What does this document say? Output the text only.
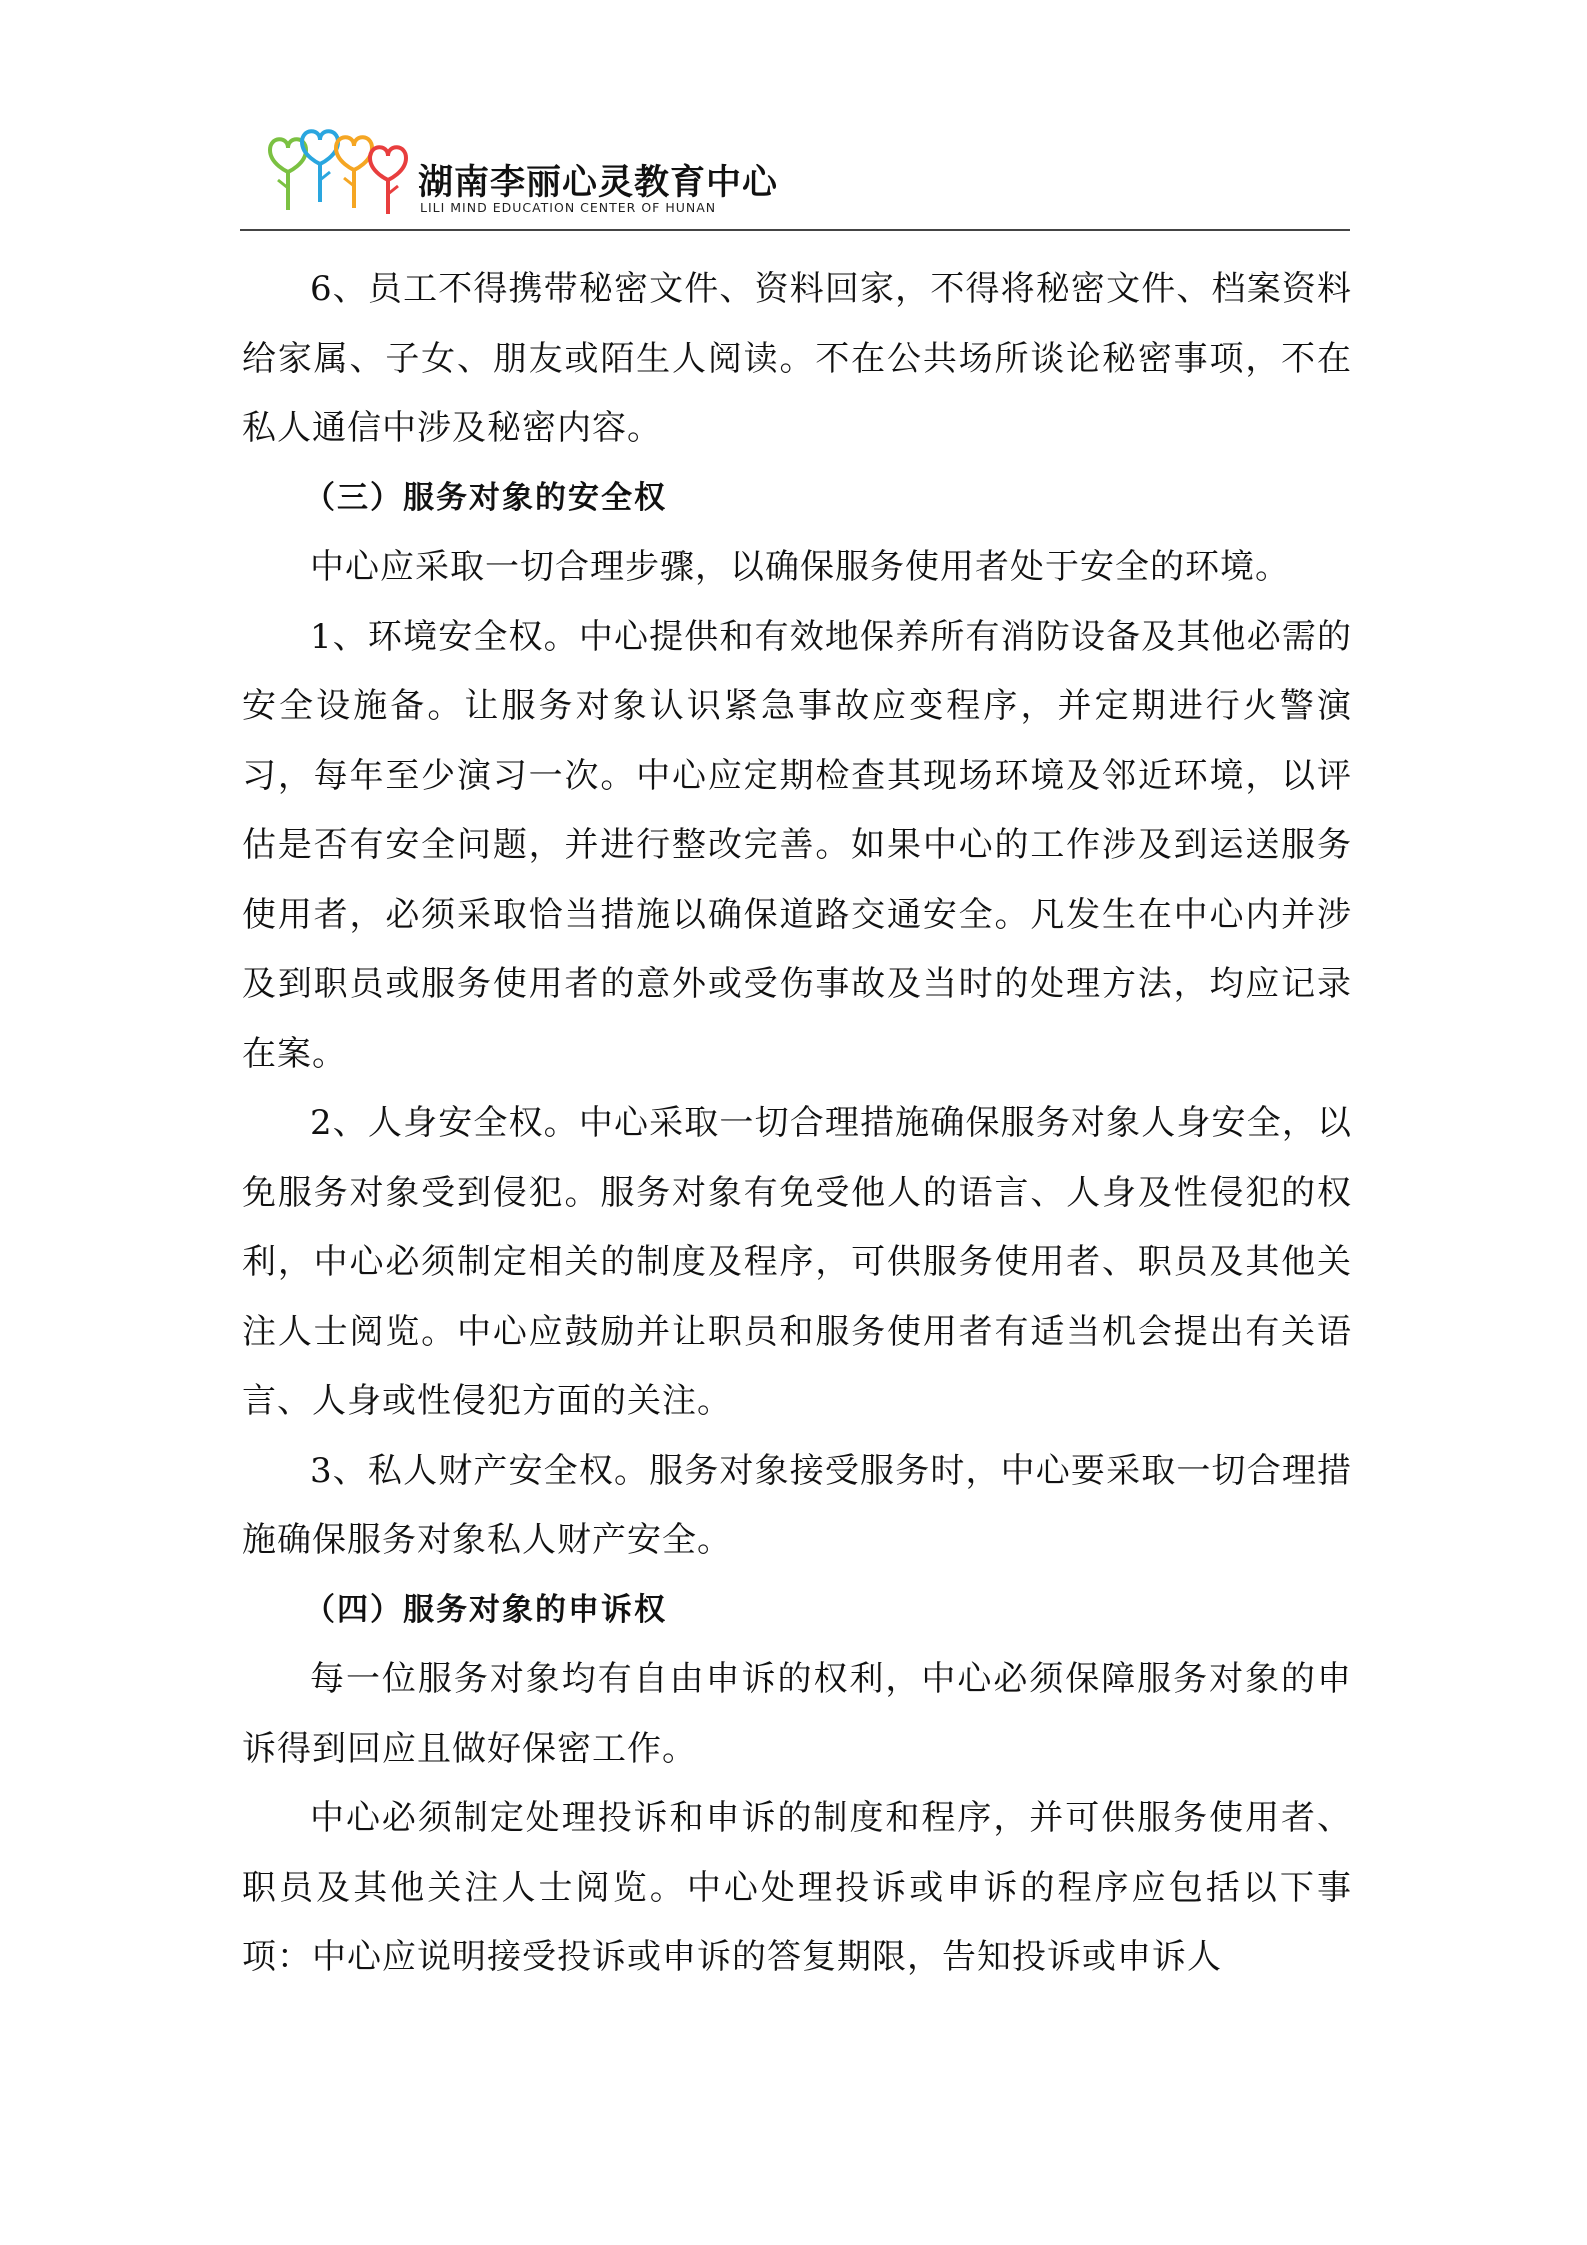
湖南李丽心灵教育中心
LILI MIND EDUCATION CENTER OF HUNAN

6、员工不得携带秘密文件、资料回家，不得将秘密文件、档案资料给家属、子女、朋友或陌生人阅读。不在公共场所谈论秘密事项，不在私人通信中涉及秘密内容。

（三）服务对象的安全权

中心应采取一切合理步骤，以确保服务使用者处于安全的环境。

1、环境安全权。中心提供和有效地保养所有消防设备及其他必需的安全设施备。让服务对象认识紧急事故应变程序，并定期进行火警演习，每年至少演习一次。中心应定期检查其现场环境及邻近环境，以评估是否有安全问题，并进行整改完善。如果中心的工作涉及到运送服务使用者，必须采取恰当措施以确保道路交通安全。凡发生在中心内并涉及到职员或服务使用者的意外或受伤事故及当时的处理方法，均应记录在案。

2、人身安全权。中心采取一切合理措施确保服务对象人身安全，以免服务对象受到侵犯。服务对象有免受他人的语言、人身及性侵犯的权利，中心必须制定相关的制度及程序，可供服务使用者、职员及其他关注人士阅览。中心应鼓励并让职员和服务使用者有适当机会提出有关语言、人身或性侵犯方面的关注。

3、私人财产安全权。服务对象接受服务时，中心要采取一切合理措施确保服务对象私人财产安全。

（四）服务对象的申诉权

每一位服务对象均有自由申诉的权利，中心必须保障服务对象的申诉得到回应且做好保密工作。

中心必须制定处理投诉和申诉的制度和程序，并可供服务使用者、职员及其他关注人士阅览。中心处理投诉或申诉的程序应包括以下事项：中心应说明接受投诉或申诉的答复期限，告知投诉或申诉人
